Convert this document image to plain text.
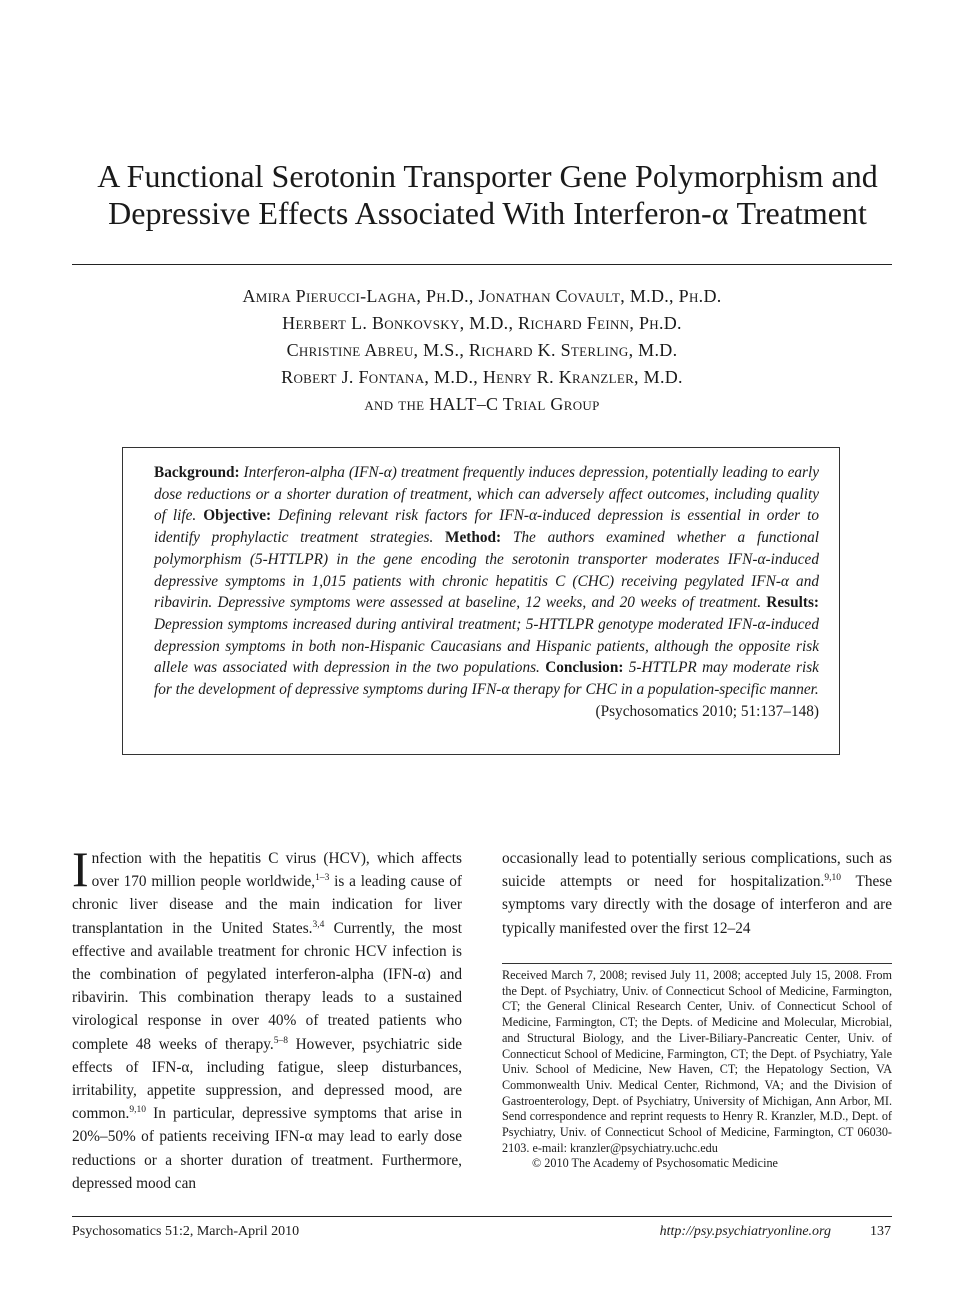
A Functional Serotonin Transporter Gene Polymorphism and
Depressive Effects Associated With Interferon-α Treatment
Amira Pierucci-Lagha, Ph.D., Jonathan Covault, M.D., Ph.D.
Herbert L. Bonkovsky, M.D., Richard Feinn, Ph.D.
Christine Abreu, M.S., Richard K. Sterling, M.D.
Robert J. Fontana, M.D., Henry R. Kranzler, M.D.
and the HALT–C Trial Group

Background: Interferon-alpha (IFN-α) treatment frequently induces depression, potentially leading to early dose reductions or a shorter duration of treatment, which can adversely affect outcomes, including quality of life. Objective: Defining relevant risk factors for IFN-α-induced depression is essential in order to identify prophylactic treatment strategies. Method: The authors examined whether a functional polymorphism (5-HTTLPR) in the gene encoding the serotonin transporter moderates IFN-α-induced depressive symptoms in 1,015 patients with chronic hepatitis C (CHC) receiving pegylated IFN-α and ribavirin. Depressive symptoms were assessed at baseline, 12 weeks, and 20 weeks of treatment. Results: Depression symptoms increased during antiviral treatment; 5-HTTLPR genotype moderated IFN-α-induced depression symptoms in both non-Hispanic Caucasians and Hispanic patients, although the opposite risk allele was associated with depression in the two populations. Conclusion: 5-HTTLPR may moderate risk for the development of depressive symptoms during IFN-α therapy for CHC in a population-specific manner.

(Psychosomatics 2010; 51:137–148)

Infection with the hepatitis C virus (HCV), which affects over 170 million people worldwide,$^{1-3}$ is a leading cause of chronic liver disease and the main indication for liver transplantation in the United States.$^{3,4}$ Currently, the most effective and available treatment for chronic HCV infection is the combination of pegylated interferon-alpha (IFN-α) and ribavirin. This combination therapy leads to a sustained virological response in over 40% of treated patients who complete 48 weeks of therapy.$^{5-8}$ However, psychiatric side effects of IFN-α, including fatigue, sleep disturbances, irritability, appetite suppression, and depressed mood, are common.$^{9,10}$ In particular, depressive symptoms that arise in 20%–50% of patients receiving IFN-α may lead to early dose reductions or a shorter duration of treatment. Furthermore, depressed mood can

occasionally lead to potentially serious complications, such as suicide attempts or need for hospitalization.$^{9,10}$ These symptoms vary directly with the dosage of interferon and are typically manifested over the first 12–24

Received March 7, 2008; revised July 11, 2008; accepted July 15, 2008. From the Dept. of Psychiatry, Univ. of Connecticut School of Medicine, Farmington, CT; the General Clinical Research Center, Univ. of Connecticut School of Medicine, Farmington, CT; the Depts. of Medicine and Molecular, Microbial, and Structural Biology, and the Liver-Biliary-Pancreatic Center, Univ. of Connecticut School of Medicine, Farmington, CT; the Dept. of Psychiatry, Yale Univ. School of Medicine, New Haven, CT; the Hepatology Section, VA Commonwealth Univ. Medical Center, Richmond, VA; and the Division of Gastroenterology, Dept. of Psychiatry, University of Michigan, Ann Arbor, MI. Send correspondence and reprint requests to Henry R. Kranzler, M.D., Dept. of Psychiatry, Univ. of Connecticut School of Medicine, Farmington, CT 06030-2103. e-mail: kranzler@psychiatry.uchc.edu

© 2010 The Academy of Psychosomatic Medicine

Psychosomatics 51:2, March-April 2010	http://psy.psychiatryonline.org	137
